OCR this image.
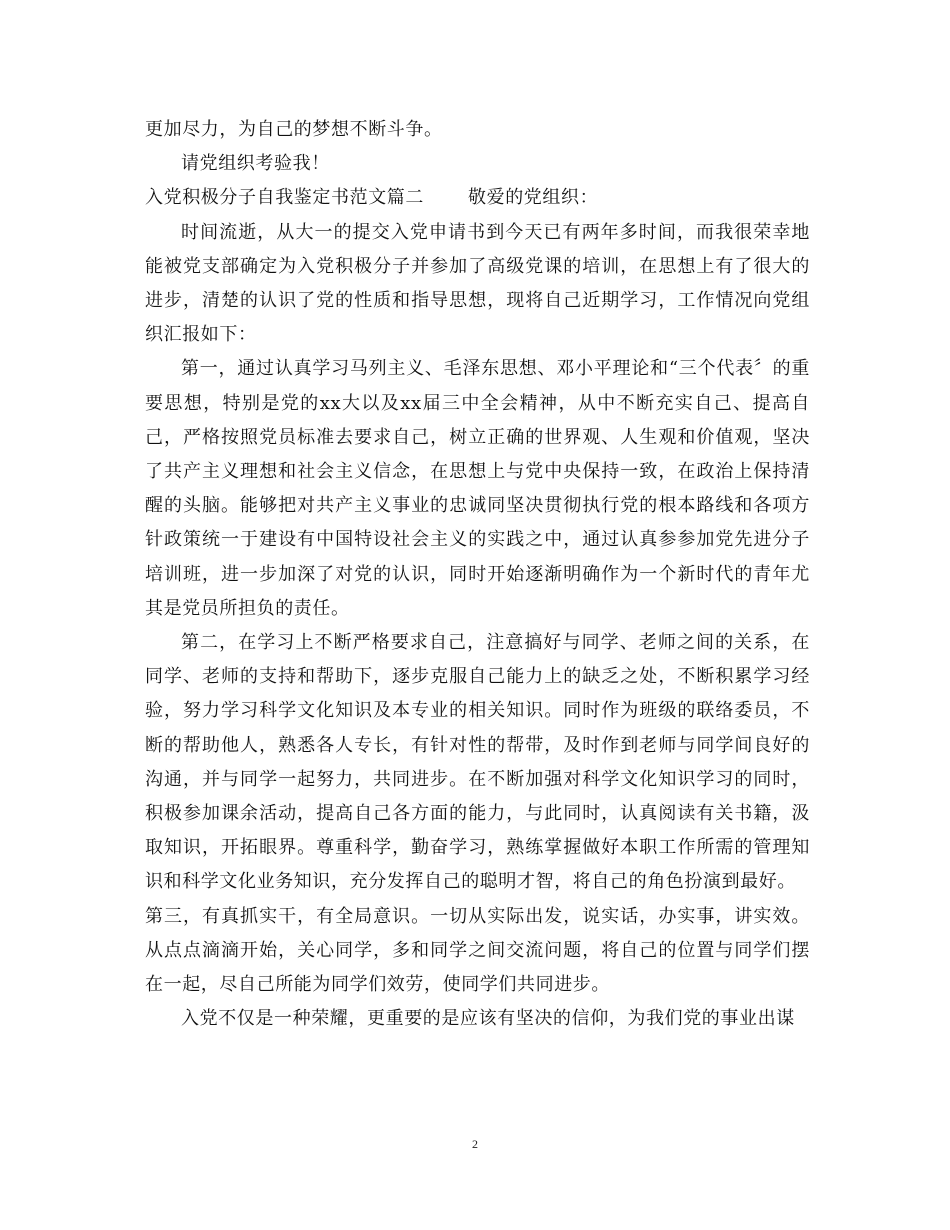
更加尽力，为自己的梦想不断斗争。

请党组织考验我！

入党积极分子自我鉴定书范文篇二 敬爱的党组织：

时间流逝，从大一的提交入党申请书到今天已有两年多时间，而我很荣幸地能被党支部确定为入党积极分子并参加了高级党课的培训，在思想上有了很大的进步，清楚的认识了党的性质和指导思想，现将自己近期学习，工作情况向党组织汇报如下：

第一，通过认真学习马列主义、毛泽东思想、邓小平理论和“三个代表〞的重要思想，特别是党的xx大以及xx届三中全会精神，从中不断充实自己、提高自己，严格按照党员标准去要求自己，树立正确的世界观、人生观和价值观，坚决了共产主义理想和社会主义信念，在思想上与党中央保持一致，在政治上保持清醒的头脑。能够把对共产主义事业的忠诚同坚决贯彻执行党的根本路线和各项方针政策统一于建设有中国特设社会主义的实践之中，通过认真参参加党先进分子培训班，进一步加深了对党的认识，同时开始逐渐明确作为一个新时代的青年尤其是党员所担负的责任。

第二，在学习上不断严格要求自己，注意搞好与同学、老师之间的关系，在同学、老师的支持和帮助下，逐步克服自己能力上的缺乏之处，不断积累学习经验，努力学习科学文化知识及本专业的相关知识。同时作为班级的联络委员，不断的帮助他人，熟悉各人专长，有针对性的帮带，及时作到老师与同学间良好的沟通，并与同学一起努力，共同进步。在不断加强对科学文化知识学习的同时，积极参加课余活动，提高自己各方面的能力，与此同时，认真阅读有关书籍，汲取知识，开拓眼界。尊重科学，勤奋学习，熟练掌握做好本职工作所需的管理知识和科学文化业务知识，充分发挥自己的聪明才智，将自己的角色扮演到最好。

第三，有真抓实干，有全局意识。一切从实际出发，说实话，办实事，讲实效。从点点滴滴开始，关心同学，多和同学之间交流问题，将自己的位置与同学们摆在一起，尽自己所能为同学们效劳，使同学们共同进步。

入党不仅是一种荣耀，更重要的是应该有坚决的信仰，为我们党的事业出谋

2
